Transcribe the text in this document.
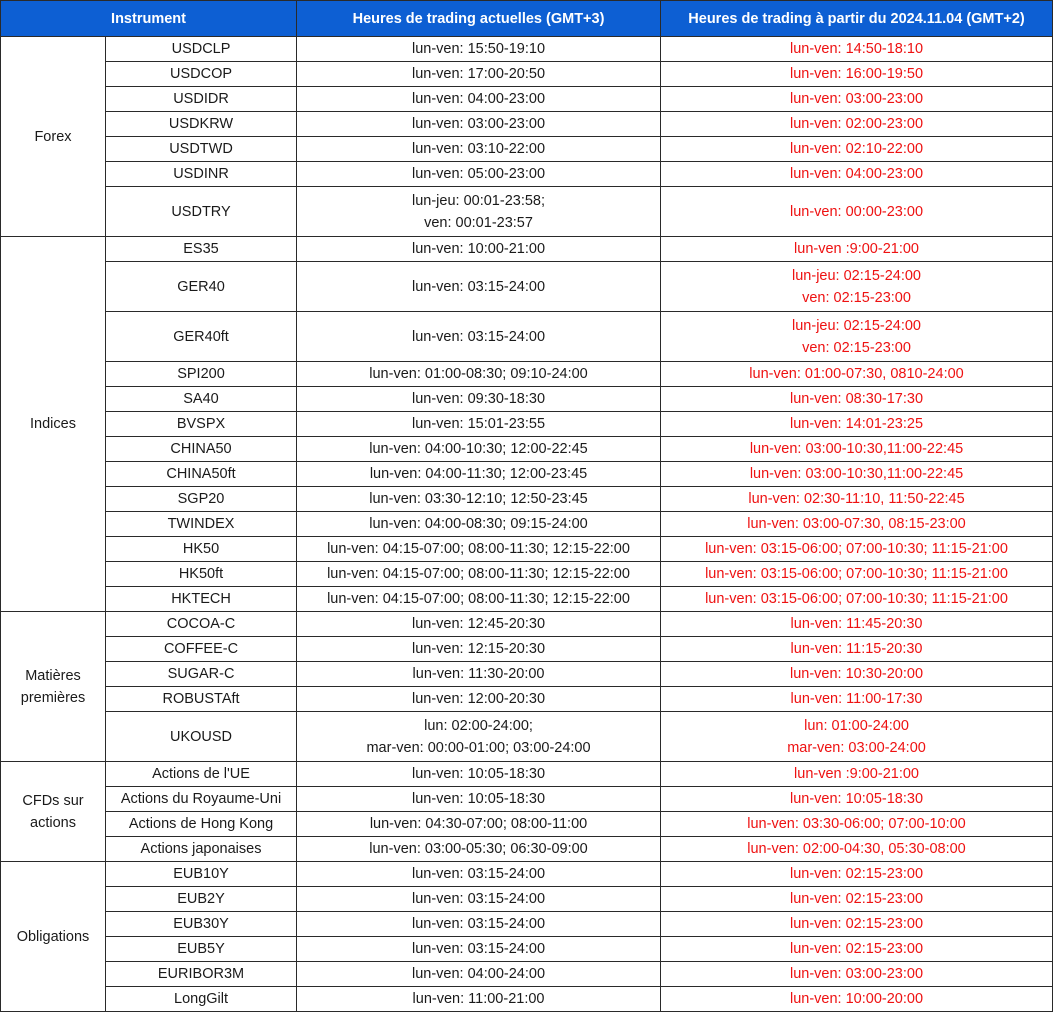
Instrument		Heures de trading actuelles (GMT+3)	Heures de trading à partir du 2024.11.04 (GMT+2)
Forex	USDCLP	lun-ven: 15:50-19:10	lun-ven: 14:50-18:10

	USDCOP	lun-ven: 17:00-20:50	lun-ven: 16:00-19:50

	USDIDR	lun-ven: 04:00-23:00	lun-ven: 03:00-23:00

	USDKRW	lun-ven: 03:00-23:00	lun-ven: 02:00-23:00

	USDTWD	lun-ven: 03:10-22:00	lun-ven: 02:10-22:00

	USDINR	lun-ven: 05:00-23:00	lun-ven: 04:00-23:00

	USDTRY	lun-jeu: 00:01-23:58;
ven: 00:01-23:57	lun-ven: 00:00-23:00

Indices	ES35	lun-ven: 10:00-21:00	lun-ven :9:00-21:00

	GER40	lun-ven: 03:15-24:00	lun-jeu: 02:15-24:00
ven: 02:15-23:00

	GER40ft	lun-ven: 03:15-24:00	lun-jeu: 02:15-24:00
ven: 02:15-23:00

	SPI200	lun-ven: 01:00-08:30; 09:10-24:00	lun-ven: 01:00-07:30, 0810-24:00

	SA40	lun-ven: 09:30-18:30	lun-ven: 08:30-17:30

	BVSPX	lun-ven: 15:01-23:55	lun-ven: 14:01-23:25

	CHINA50	lun-ven: 04:00-10:30; 12:00-22:45	lun-ven: 03:00-10:30,11:00-22:45

	CHINA50ft	lun-ven: 04:00-11:30; 12:00-23:45	lun-ven: 03:00-10:30,11:00-22:45

	SGP20	lun-ven: 03:30-12:10; 12:50-23:45	lun-ven: 02:30-11:10, 11:50-22:45

	TWINDEX	lun-ven: 04:00-08:30; 09:15-24:00	lun-ven: 03:00-07:30, 08:15-23:00

	HK50	lun-ven: 04:15-07:00; 08:00-11:30; 12:15-22:00	lun-ven: 03:15-06:00; 07:00-10:30; 11:15-21:00

	HK50ft	lun-ven: 04:15-07:00; 08:00-11:30; 12:15-22:00	lun-ven: 03:15-06:00; 07:00-10:30; 11:15-21:00

	HKTECH	lun-ven: 04:15-07:00; 08:00-11:30; 12:15-22:00	lun-ven: 03:15-06:00; 07:00-10:30; 11:15-21:00

Matières premières	COCOA-C	lun-ven: 12:45-20:30	lun-ven: 11:45-20:30

	COFFEE-C	lun-ven: 12:15-20:30	lun-ven: 11:15-20:30

	SUGAR-C	lun-ven: 11:30-20:00	lun-ven: 10:30-20:00

	ROBUSTAft	lun-ven: 12:00-20:30	lun-ven: 11:00-17:30

	UKOUSD	lun: 02:00-24:00;
mar-ven: 00:00-01:00; 03:00-24:00	lun: 01:00-24:00
mar-ven: 03:00-24:00

CFDs sur actions	Actions de l'UE	lun-ven: 10:05-18:30	lun-ven :9:00-21:00

	Actions du Royaume-Uni	lun-ven: 10:05-18:30	lun-ven: 10:05-18:30

	Actions de Hong Kong	lun-ven: 04:30-07:00; 08:00-11:00	lun-ven: 03:30-06:00; 07:00-10:00

	Actions japonaises	lun-ven: 03:00-05:30; 06:30-09:00	lun-ven: 02:00-04:30, 05:30-08:00

Obligations	EUB10Y	lun-ven: 03:15-24:00	lun-ven: 02:15-23:00

	EUB2Y	lun-ven: 03:15-24:00	lun-ven: 02:15-23:00

	EUB30Y	lun-ven: 03:15-24:00	lun-ven: 02:15-23:00

	EUB5Y	lun-ven: 03:15-24:00	lun-ven: 02:15-23:00

	EURIBOR3M	lun-ven: 04:00-24:00	lun-ven: 03:00-23:00

	LongGilt	lun-ven: 11:00-21:00	lun-ven: 10:00-20:00
